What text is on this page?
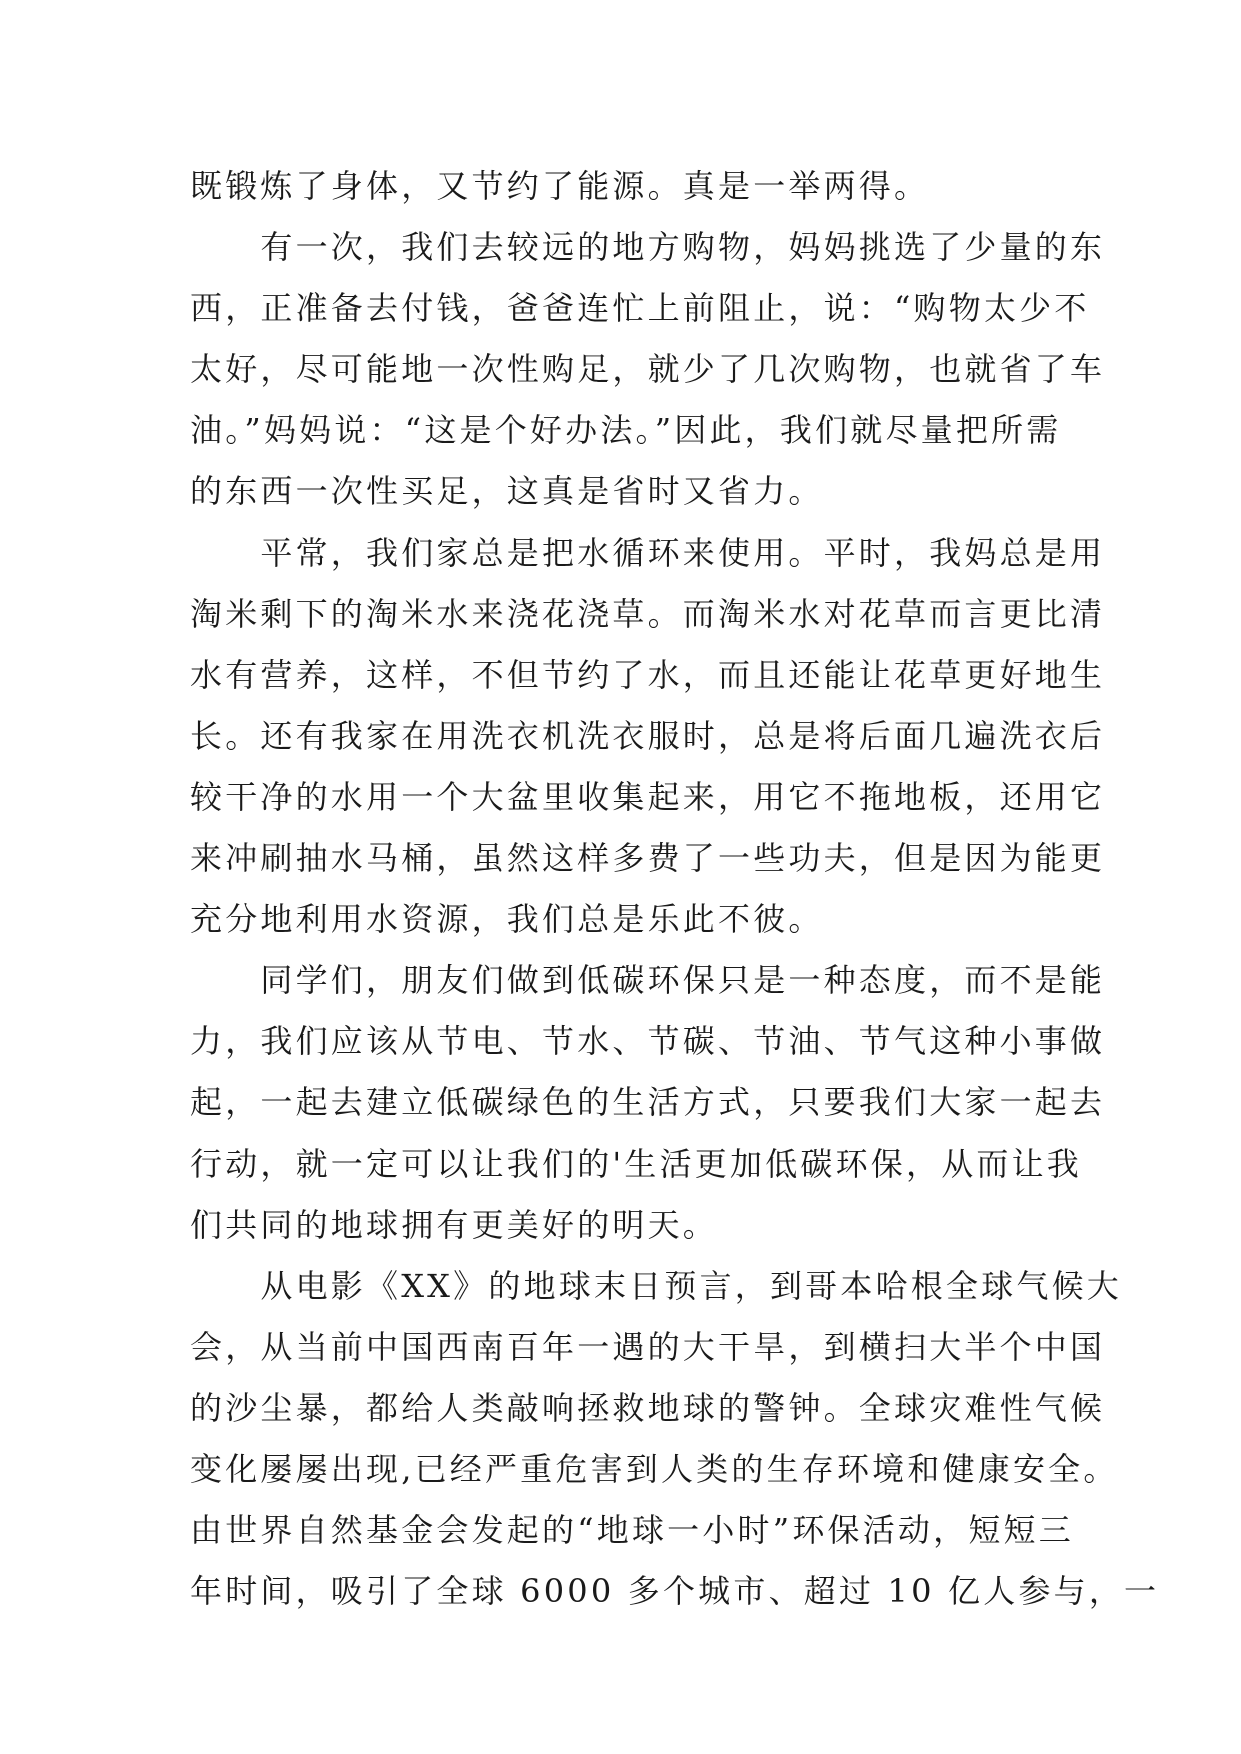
既锻炼了身体，又节约了能源。真是一举两得。
　　有一次，我们去较远的地方购物，妈妈挑选了少量的东
西，正准备去付钱，爸爸连忙上前阻止，说：“购物太少不
太好，尽可能地一次性购足，就少了几次购物，也就省了车
油。”妈妈说：“这是个好办法。”因此，我们就尽量把所需
的东西一次性买足，这真是省时又省力。
　　平常，我们家总是把水循环来使用。平时，我妈总是用
淘米剩下的淘米水来浇花浇草。而淘米水对花草而言更比清
水有营养，这样，不但节约了水，而且还能让花草更好地生
长。还有我家在用洗衣机洗衣服时，总是将后面几遍洗衣后
较干净的水用一个大盆里收集起来，用它不拖地板，还用它
来冲刷抽水马桶，虽然这样多费了一些功夫，但是因为能更
充分地利用水资源，我们总是乐此不彼。
　　同学们，朋友们做到低碳环保只是一种态度，而不是能
力，我们应该从节电、节水、节碳、节油、节气这种小事做
起，一起去建立低碳绿色的生活方式，只要我们大家一起去
行动，就一定可以让我们的'生活更加低碳环保，从而让我
们共同的地球拥有更美好的明天。
　　从电影《XX》的地球末日预言，到哥本哈根全球气候大
会，从当前中国西南百年一遇的大干旱，到横扫大半个中国
的沙尘暴，都给人类敲响拯救地球的警钟。全球灾难性气候
变化屡屡出现,已经严重危害到人类的生存环境和健康安全。
由世界自然基金会发起的“地球一小时”环保活动，短短三
年时间，吸引了全球 6000 多个城市、超过 10 亿人参与，一
